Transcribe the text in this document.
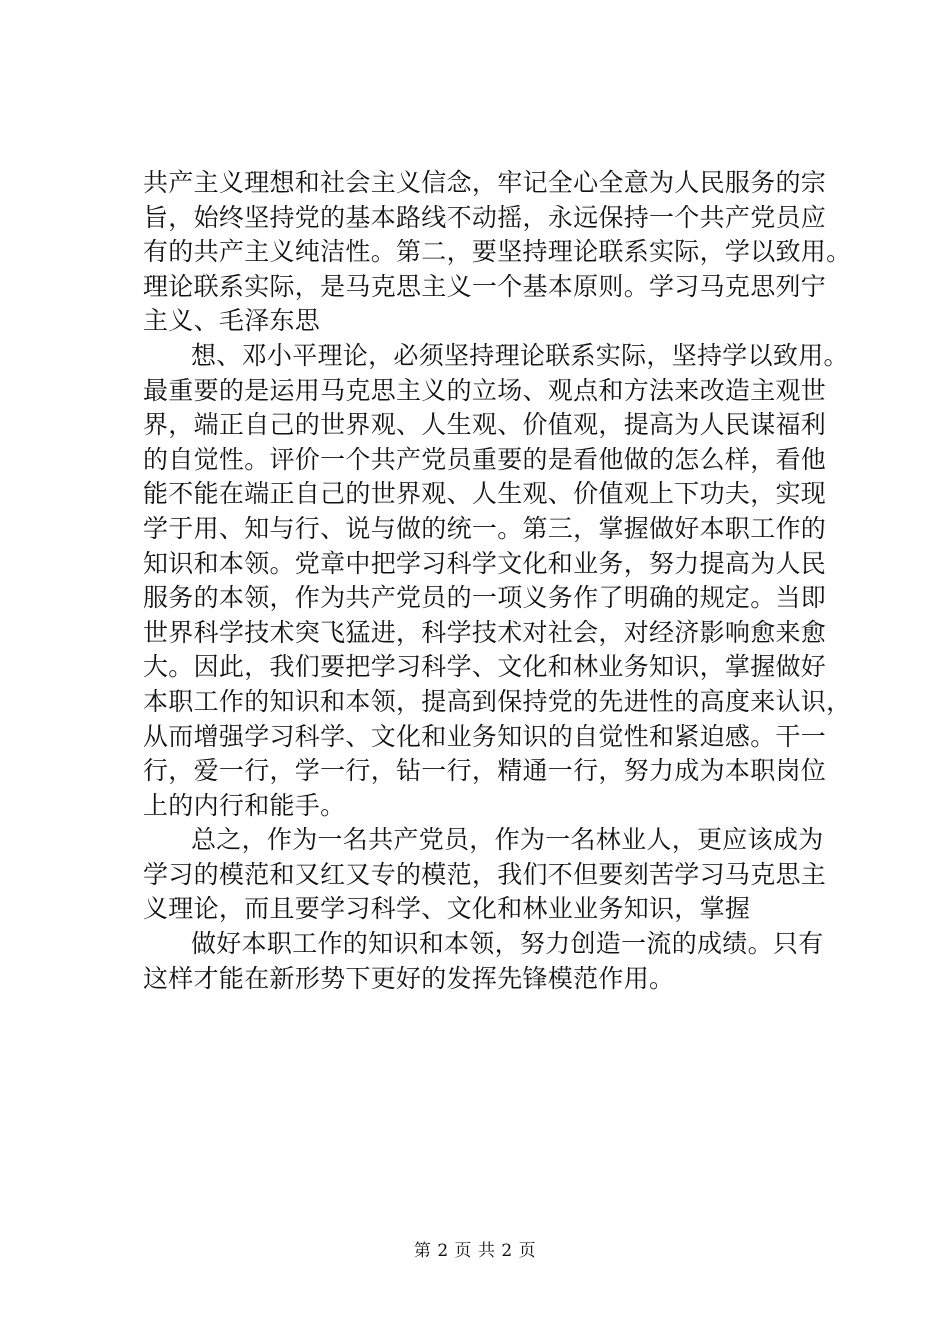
共产主义理想和社会主义信念，牢记全心全意为人民服务的宗
旨，始终坚持党的基本路线不动摇，永远保持一个共产党员应
有的共产主义纯洁性。第二，要坚持理论联系实际，学以致用。
理论联系实际，是马克思主义一个基本原则。学习马克思列宁
主义、毛泽东思
想、邓小平理论，必须坚持理论联系实际，坚持学以致用。
最重要的是运用马克思主义的立场、观点和方法来改造主观世
界，端正自己的世界观、人生观、价值观，提高为人民谋福利
的自觉性。评价一个共产党员重要的是看他做的怎么样，看他
能不能在端正自己的世界观、人生观、价值观上下功夫，实现
学于用、知与行、说与做的统一。第三，掌握做好本职工作的
知识和本领。党章中把学习科学文化和业务，努力提高为人民
服务的本领，作为共产党员的一项义务作了明确的规定。当即
世界科学技术突飞猛进，科学技术对社会，对经济影响愈来愈
大。因此，我们要把学习科学、文化和林业务知识，掌握做好
本职工作的知识和本领，提高到保持党的先进性的高度来认识，
从而增强学习科学、文化和业务知识的自觉性和紧迫感。干一
行，爱一行，学一行，钻一行，精通一行，努力成为本职岗位
上的内行和能手。
总之，作为一名共产党员，作为一名林业人，更应该成为
学习的模范和又红又专的模范，我们不但要刻苦学习马克思主
义理论，而且要学习科学、文化和林业业务知识，掌握
做好本职工作的知识和本领，努力创造一流的成绩。只有
这样才能在新形势下更好的发挥先锋模范作用。
第 2 页 共 2 页
